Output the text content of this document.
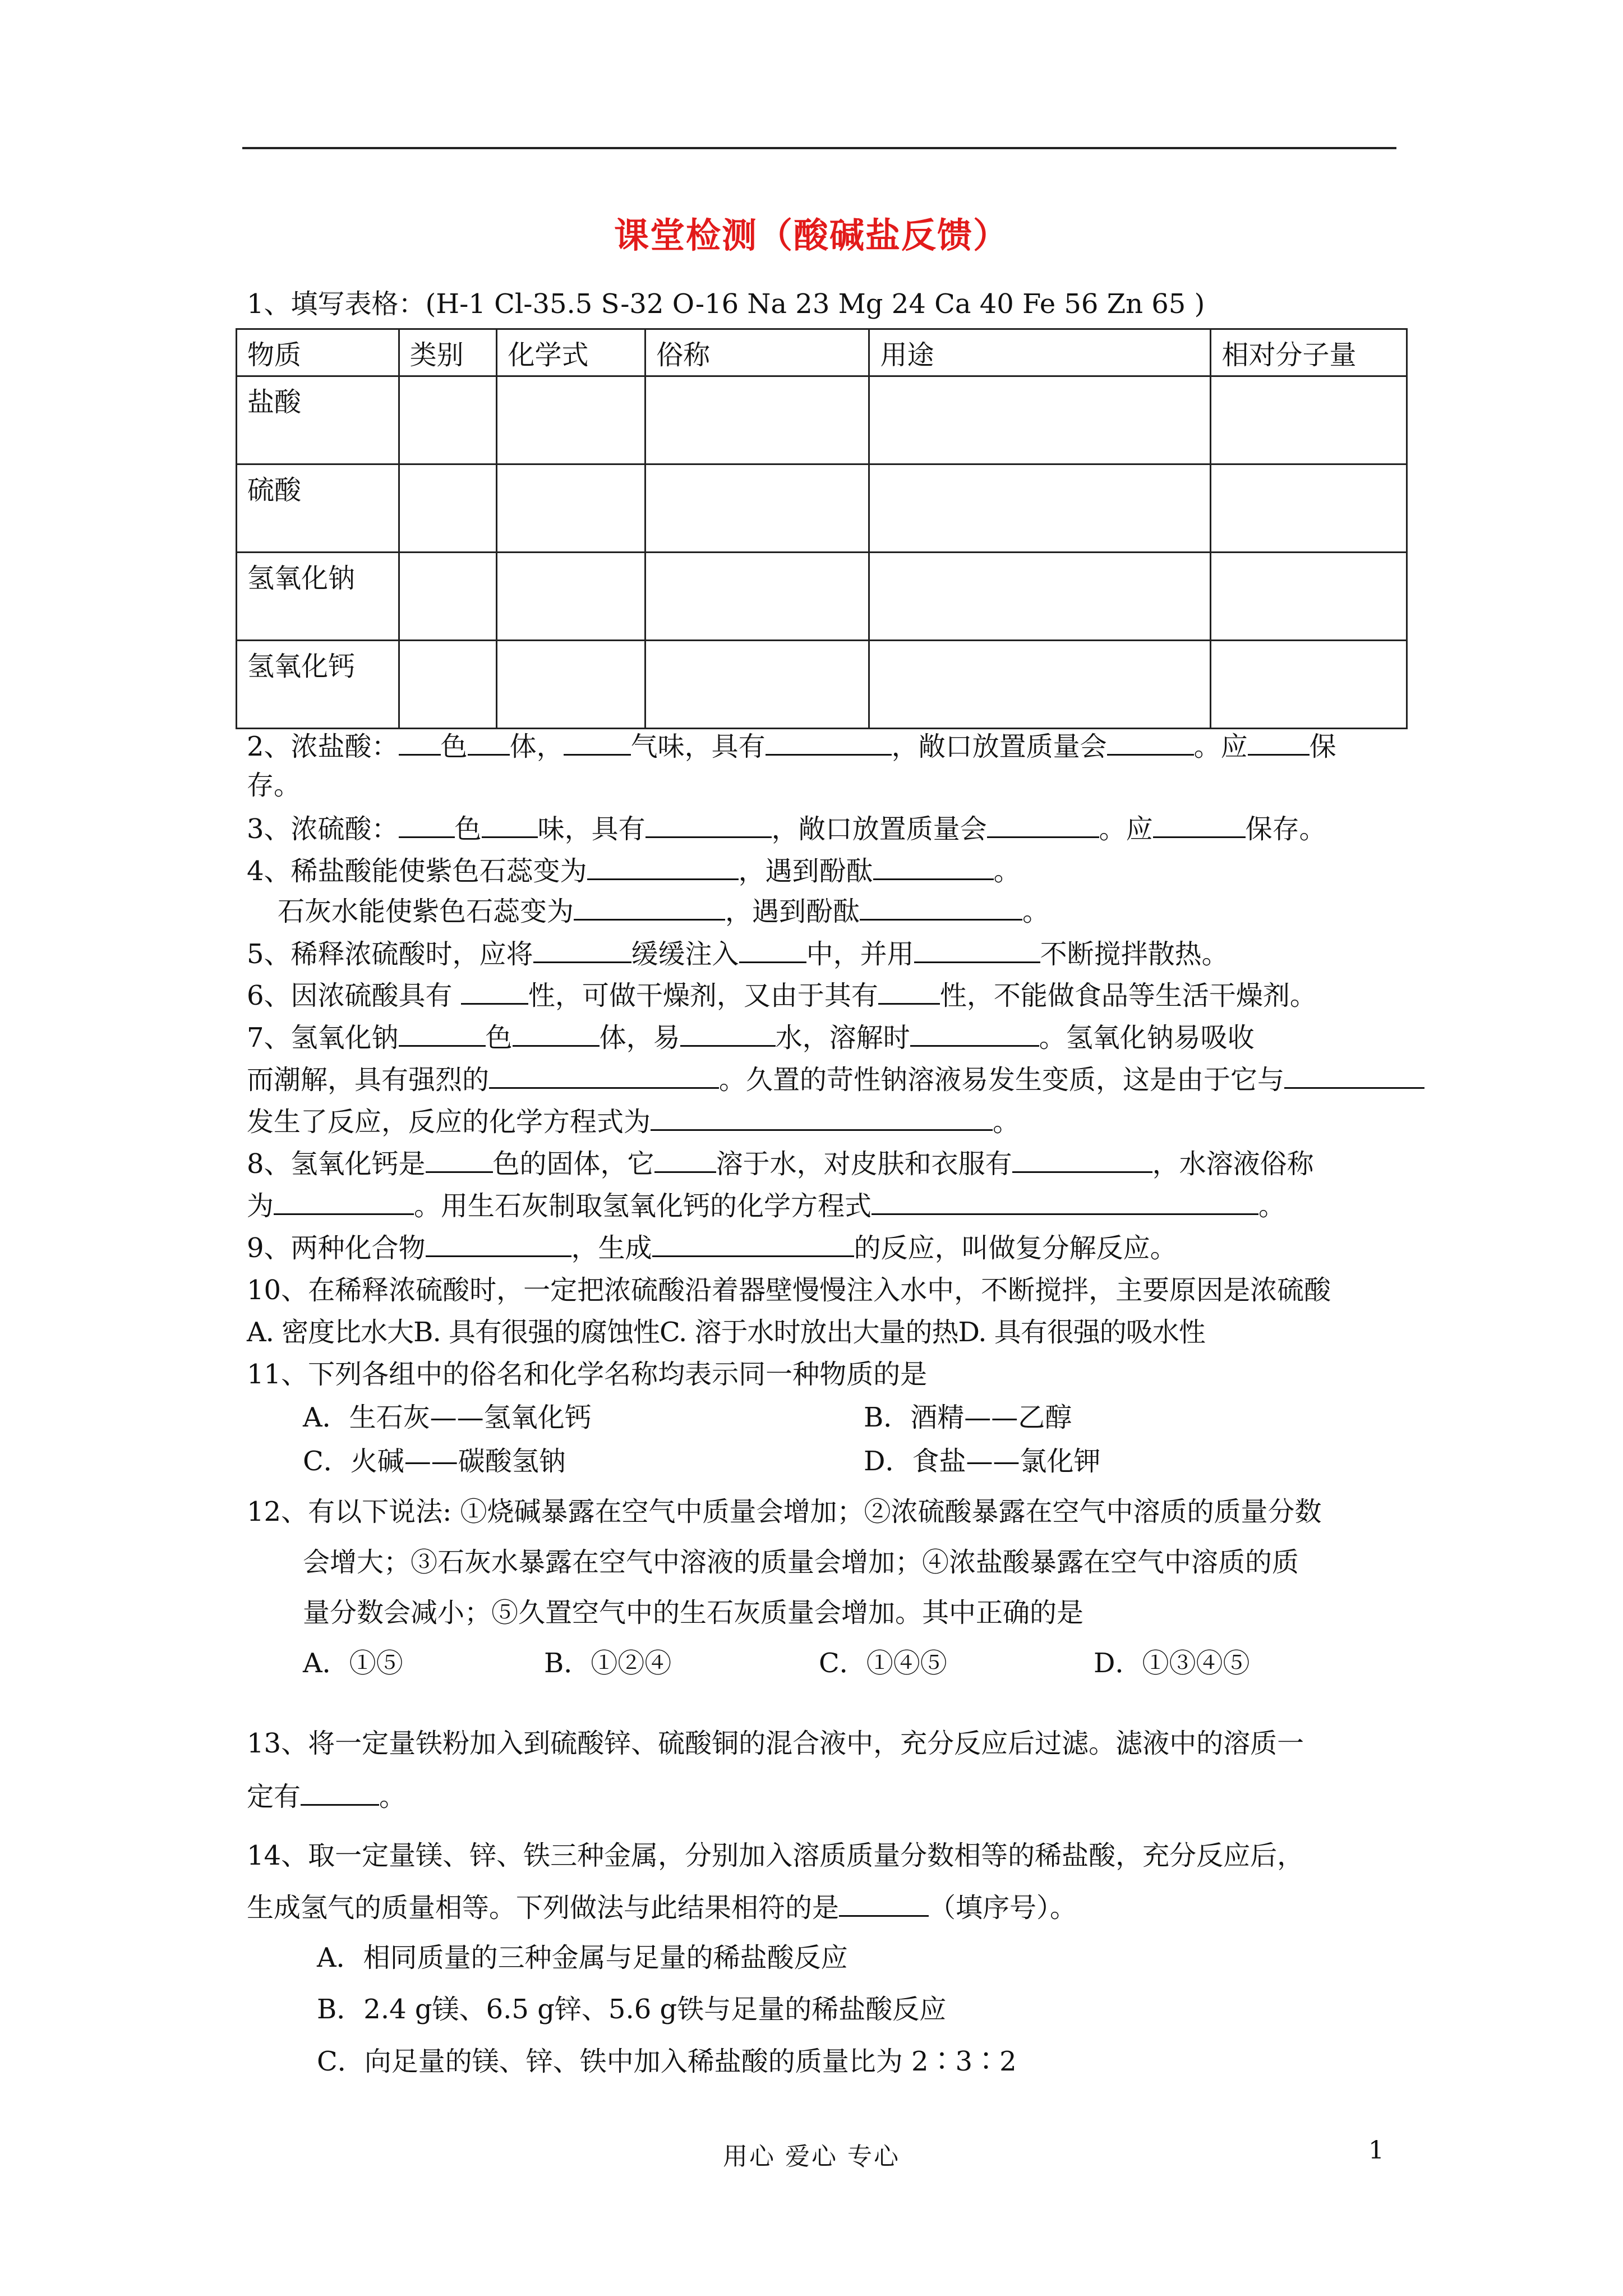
课堂检测（酸碱盐反馈）
1、填写表格：(H-1 Cl-35.5 S-32 O-16 Na 23 Mg 24 Ca 40 Fe 56 Zn 65 )
物质	类别	化学式	俗称	用途	相对分子量
盐酸					
硫酸					
氢氧化钠					
氢氧化钙					
2、浓盐酸： 色 体，	气味，具有	，敞口放置质量会	。应 保
存。
3、浓硫酸： 色 味，具有	，敞口放置质量会	。应	保存。
4、稀盐酸能使紫色石蕊变为	，遇到酚酞	。
石灰水能使紫色石蕊变为	，遇到酚酞	。
5、稀释浓硫酸时，应将	缓缓注入	中，并用	不断搅拌散热。
6、因浓硫酸具有	性，可做干燥剂，又由于其有 性，不能做食品等生活干燥剂。
7、氢氧化钠	色	体，易	水，溶解时	。氢氧化钠易吸收
而潮解，具有强烈的	。久置的苛性钠溶液易发生变质，这是由于它与
发生了反应，反应的化学方程式为	。
8、氢氧化钙是	色的固体，它 溶于水，对皮肤和衣服有	，水溶液俗称
为	。用生石灰制取氢氧化钙的化学方程式	。
9、两种化合物	，生成	的反应，叫做复分解反应。
10、在稀释浓硫酸时，一定把浓硫酸沿着器壁慢慢注入水中，不断搅拌，主要原因是浓硫酸
A. 密度比水大B. 具有很强的腐蚀性C. 溶于水时放出大量的热D. 具有很强的吸水性
11、下列各组中的俗名和化学名称均表示同一种物质的是
A．生石灰——氢氧化钙	B．酒精——乙醇
C．火碱——碳酸氢钠	D．食盐——氯化钾
12、有以下说法: ①烧碱暴露在空气中质量会增加；②浓硫酸暴露在空气中溶质的质量分数
会增大；③石灰水暴露在空气中溶液的质量会增加；④浓盐酸暴露在空气中溶质的质
量分数会减小；⑤久置空气中的生石灰质量会增加。其中正确的是
A．①⑤	B．①②④	C．①④⑤	D．①③④⑤
13、将一定量铁粉加入到硫酸锌、硫酸铜的混合液中，充分反应后过滤。滤液中的溶质一
定有	。
14、取一定量镁、锌、铁三种金属，分别加入溶质质量分数相等的稀盐酸，充分反应后，
生成氢气的质量相等。下列做法与此结果相符的是	（填序号）。
A．相同质量的三种金属与足量的稀盐酸反应
B．2.4 g镁、6.5 g锌、5.6 g铁与足量的稀盐酸反应
C．向足量的镁、锌、铁中加入稀盐酸的质量比为 2∶3∶2
用心 爱心 专心	1
